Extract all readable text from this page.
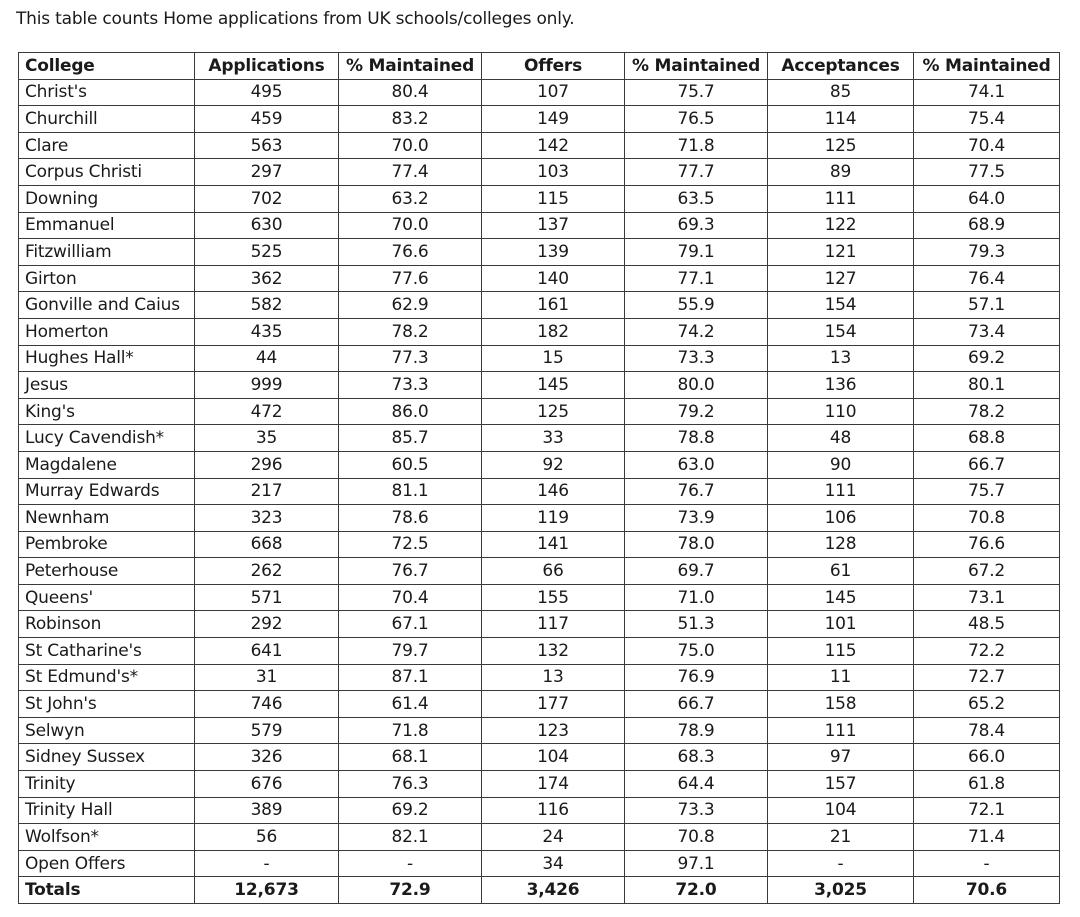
This table counts Home applications from UK schools/colleges only.
College	Applications	% Maintained	Offers	% Maintained	Acceptances	% Maintained
Christ's	495	80.4	107	75.7	85	74.1
Churchill	459	83.2	149	76.5	114	75.4
Clare	563	70.0	142	71.8	125	70.4
Corpus Christi	297	77.4	103	77.7	89	77.5
Downing	702	63.2	115	63.5	111	64.0
Emmanuel	630	70.0	137	69.3	122	68.9
Fitzwilliam	525	76.6	139	79.1	121	79.3
Girton	362	77.6	140	77.1	127	76.4
Gonville and Caius	582	62.9	161	55.9	154	57.1
Homerton	435	78.2	182	74.2	154	73.4
Hughes Hall*	44	77.3	15	73.3	13	69.2
Jesus	999	73.3	145	80.0	136	80.1
King's	472	86.0	125	79.2	110	78.2
Lucy Cavendish*	35	85.7	33	78.8	48	68.8
Magdalene	296	60.5	92	63.0	90	66.7
Murray Edwards	217	81.1	146	76.7	111	75.7
Newnham	323	78.6	119	73.9	106	70.8
Pembroke	668	72.5	141	78.0	128	76.6
Peterhouse	262	76.7	66	69.7	61	67.2
Queens'	571	70.4	155	71.0	145	73.1
Robinson	292	67.1	117	51.3	101	48.5
St Catharine's	641	79.7	132	75.0	115	72.2
St Edmund's*	31	87.1	13	76.9	11	72.7
St John's	746	61.4	177	66.7	158	65.2
Selwyn	579	71.8	123	78.9	111	78.4
Sidney Sussex	326	68.1	104	68.3	97	66.0
Trinity	676	76.3	174	64.4	157	61.8
Trinity Hall	389	69.2	116	73.3	104	72.1
Wolfson*	56	82.1	24	70.8	21	71.4
Open Offers	-	-	34	97.1	-	-
Totals	12,673	72.9	3,426	72.0	3,025	70.6
